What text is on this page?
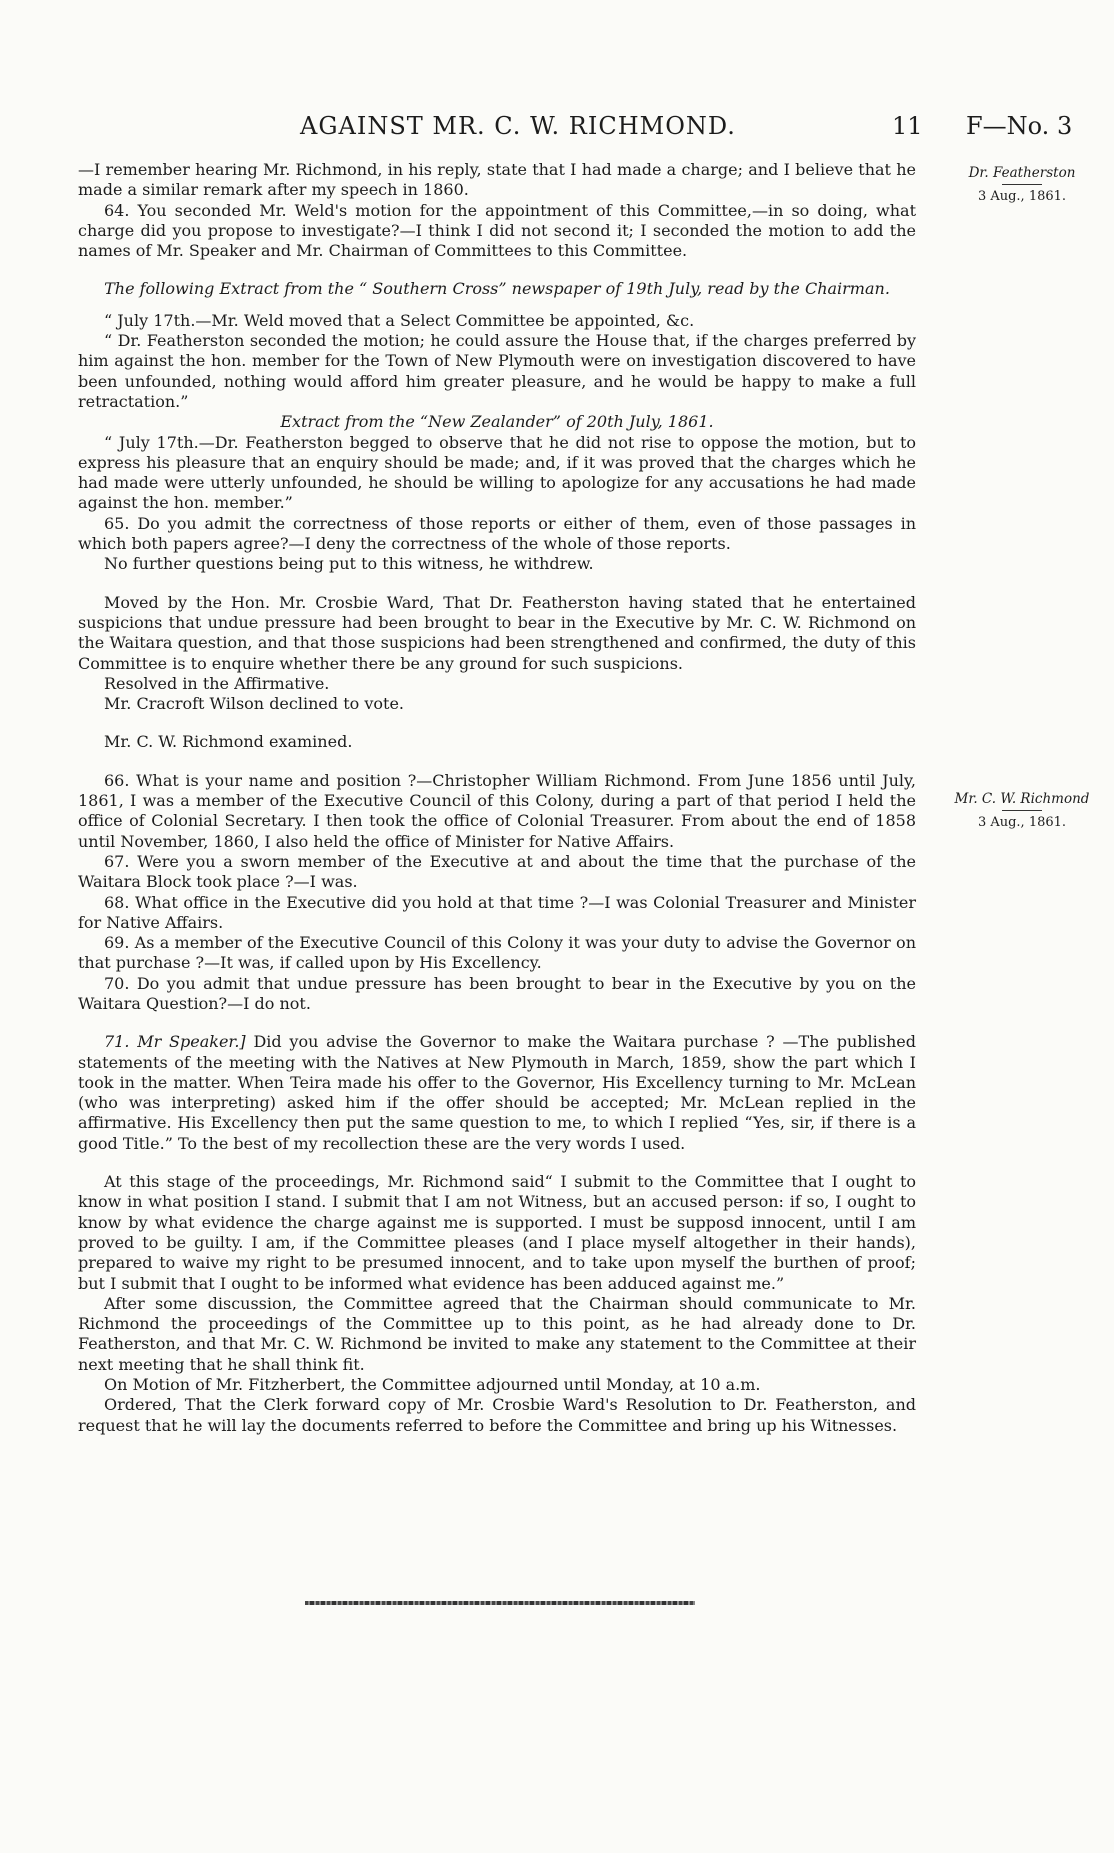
AGAINST MR. C. W. RICHMOND.	11 F—No. 3
Dr. Featherston
3 Aug., 1861.
Mr. C. W. Richmond
3 Aug., 1861.

—I remember hearing Mr. Richmond, in his reply, state that I had made a charge; and I believe that he made a similar remark after my speech in 1860.

64. You seconded Mr. Weld's motion for the appointment of this Committee,—in so doing, what charge did you propose to investigate?—I think I did not second it; I seconded the motion to add the names of Mr. Speaker and Mr. Chairman of Committees to this Committee.

The following Extract from the “ Southern Cross” newspaper of 19th July, read by the Chairman.

“ July 17th.—Mr. Weld moved that a Select Committee be appointed, &c.

“ Dr. Featherston seconded the motion; he could assure the House that, if the charges preferred by him against the hon. member for the Town of New Plymouth were on investigation discovered to have been unfounded, nothing would afford him greater pleasure, and he would be happy to make a full retractation.”

Extract from the “New Zealander” of 20th July, 1861.

“ July 17th.—Dr. Featherston begged to observe that he did not rise to oppose the motion, but to express his pleasure that an enquiry should be made; and, if it was proved that the charges which he had made were utterly unfounded, he should be willing to apologize for any accusations he had made against the hon. member.”

65. Do you admit the correctness of those reports or either of them, even of those passages in which both papers agree?—I deny the correctness of the whole of those reports.

No further questions being put to this witness, he withdrew.

Moved by the Hon. Mr. Crosbie Ward, That Dr. Featherston having stated that he entertained suspicions that undue pressure had been brought to bear in the Executive by Mr. C. W. Richmond on the Waitara question, and that those suspicions had been strengthened and confirmed, the duty of this Committee is to enquire whether there be any ground for such suspicions.

Resolved in the Affirmative.

Mr. Cracroft Wilson declined to vote.

Mr. C. W. Richmond examined.

66. What is your name and position ?—Christopher William Richmond. From June 1856 until July, 1861, I was a member of the Executive Council of this Colony, during a part of that period I held the office of Colonial Secretary. I then took the office of Colonial Treasurer. From about the end of 1858 until November, 1860, I also held the office of Minister for Native Affairs.

67. Were you a sworn member of the Executive at and about the time that the purchase of the Waitara Block took place ?—I was.

68. What office in the Executive did you hold at that time ?—I was Colonial Treasurer and Minister for Native Affairs.

69. As a member of the Executive Council of this Colony it was your duty to advise the Governor on that purchase ?—It was, if called upon by His Excellency.

70. Do you admit that undue pressure has been brought to bear in the Executive by you on the Waitara Question?—I do not.

71. Mr Speaker.] Did you advise the Governor to make the Waitara purchase ? —The published statements of the meeting with the Natives at New Plymouth in March, 1859, show the part which I took in the matter. When Teira made his offer to the Governor, His Excellency turning to Mr. McLean (who was interpreting) asked him if the offer should be accepted; Mr. McLean replied in the affirmative. His Excellency then put the same question to me, to which I replied “Yes, sir, if there is a good Title.” To the best of my recollection these are the very words I used.

At this stage of the proceedings, Mr. Richmond said“ I submit to the Committee that I ought to know in what position I stand. I submit that I am not Witness, but an accused person: if so, I ought to know by what evidence the charge against me is supported. I must be supposd innocent, until I am proved to be guilty. I am, if the Committee pleases (and I place myself altogether in their hands), prepared to waive my right to be presumed innocent, and to take upon myself the burthen of proof; but I submit that I ought to be informed what evidence has been adduced against me.”

After some discussion, the Committee agreed that the Chairman should communicate to Mr. Richmond the proceedings of the Committee up to this point, as he had already done to Dr. Featherston, and that Mr. C. W. Richmond be invited to make any statement to the Committee at their next meeting that he shall think fit.

On Motion of Mr. Fitzherbert, the Committee adjourned until Monday, at 10 a.m.

Ordered, That the Clerk forward copy of Mr. Crosbie Ward's Resolution to Dr. Featherston, and request that he will lay the documents referred to before the Committee and bring up his Witnesses.
